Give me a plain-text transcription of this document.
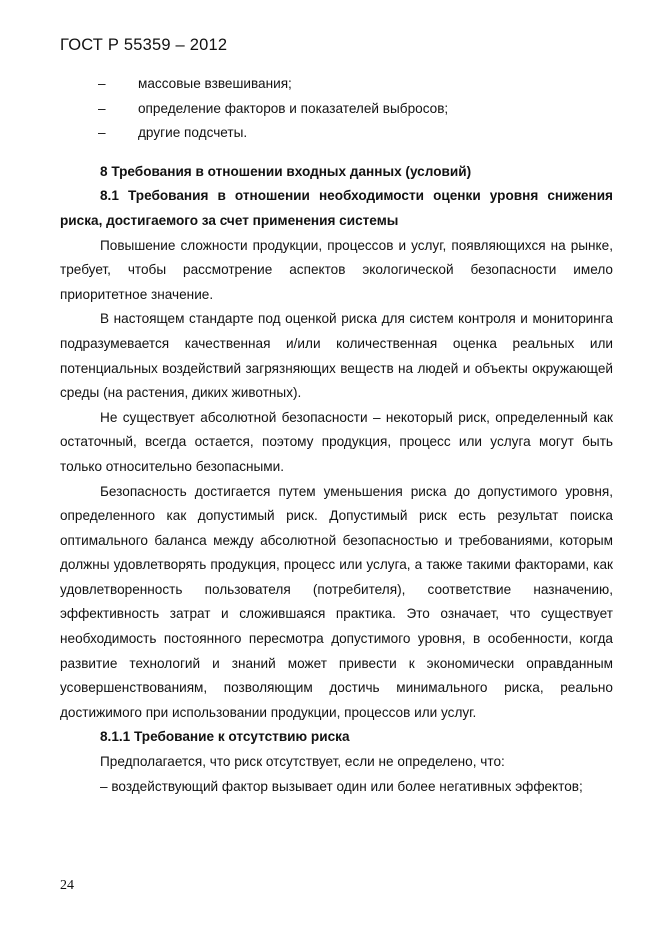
ГОСТ Р 55359 – 2012
–	массовые взвешивания;
–	определение факторов и показателей выбросов;
–	другие подсчеты.

8 Требования в отношении входных данных (условий)

8.1 Требования в отношении необходимости оценки уровня снижения риска, достигаемого за счет применения системы

Повышение сложности продукции, процессов и услуг, появляющихся на рынке, требует, чтобы рассмотрение аспектов экологической безопасности имело приоритетное значение.

В настоящем стандарте под оценкой риска для систем контроля и мониторинга подразумевается качественная и/или количественная оценка реальных или потенциальных воздействий загрязняющих веществ на людей и объекты окружающей среды (на растения, диких животных).

Не существует абсолютной безопасности – некоторый риск, определенный как остаточный, всегда остается, поэтому продукция, процесс или услуга могут быть только относительно безопасными.

Безопасность достигается путем уменьшения риска до допустимого уровня, определенного как допустимый риск. Допустимый риск есть результат поиска оптимального баланса между абсолютной безопасностью и требованиями, которым должны удовлетворять продукция, процесс или услуга, а также такими факторами, как удовлетворенность пользователя (потребителя), соответствие назначению, эффективность затрат и сложившаяся практика. Это означает, что существует необходимость постоянного пересмотра допустимого уровня, в особенности, когда развитие технологий и знаний может привести к экономически оправданным усовершенствованиям, позволяющим достичь минимального риска, реально достижимого при использовании продукции, процессов или услуг.

8.1.1 Требование к отсутствию риска

Предполагается, что риск отсутствует, если не определено, что:

– воздействующий фактор вызывает один или более негативных эффектов;

24
